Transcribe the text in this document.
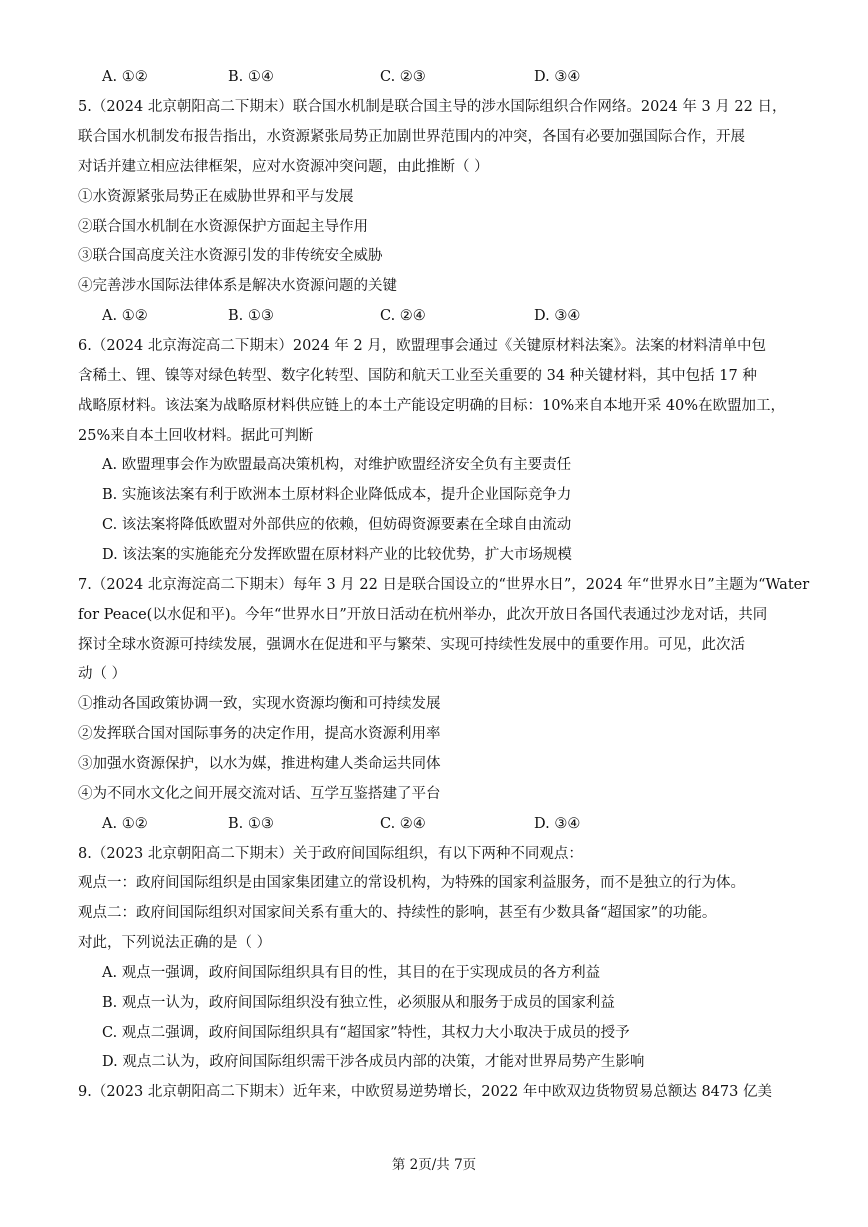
A. ①②	B. ①④	C. ②③	D. ③④
5.（2024 北京朝阳高二下期末）联合国水机制是联合国主导的涉水国际组织合作网络。2024 年 3 月 22 日，
联合国水机制发布报告指出，水资源紧张局势正加剧世界范围内的冲突，各国有必要加强国际合作，开展
对话并建立相应法律框架，应对水资源冲突问题，由此推断（ ）
①水资源紧张局势正在威胁世界和平与发展
②联合国水机制在水资源保护方面起主导作用
③联合国高度关注水资源引发的非传统安全威胁
④完善涉水国际法律体系是解决水资源问题的关键
A. ①②	B. ①③	C. ②④	D. ③④
6.（2024 北京海淀高二下期末）2024 年 2 月，欧盟理事会通过《关键原材料法案》。法案的材料清单中包
含稀土、锂、镍等对绿色转型、数字化转型、国防和航天工业至关重要的 34 种关键材料，其中包括 17 种
战略原材料。该法案为战略原材料供应链上的本土产能设定明确的目标：10%来自本地开采 40%在欧盟加工，
25%来自本土回收材料。据此可判断
A. 欧盟理事会作为欧盟最高决策机构，对维护欧盟经济安全负有主要责任
B. 实施该法案有利于欧洲本土原材料企业降低成本，提升企业国际竞争力
C. 该法案将降低欧盟对外部供应的依赖，但妨碍资源要素在全球自由流动
D. 该法案的实施能充分发挥欧盟在原材料产业的比较优势，扩大市场规模
7.（2024 北京海淀高二下期末）每年 3 月 22 日是联合国设立的“世界水日”，2024 年“世界水日”主题为“Water
for Peace(以水促和平)。今年“世界水日”开放日活动在杭州举办，此次开放日各国代表通过沙龙对话，共同
探讨全球水资源可持续发展，强调水在促进和平与繁荣、实现可持续性发展中的重要作用。可见，此次活
动（ ）
①推动各国政策协调一致，实现水资源均衡和可持续发展
②发挥联合国对国际事务的决定作用，提高水资源利用率
③加强水资源保护，以水为媒，推进构建人类命运共同体
④为不同水文化之间开展交流对话、互学互鉴搭建了平台
A. ①②	B. ①③	C. ②④	D. ③④
8.（2023 北京朝阳高二下期末）关于政府间国际组织，有以下两种不同观点：
观点一：政府间国际组织是由国家集团建立的常设机构，为特殊的国家利益服务，而不是独立的行为体。
观点二：政府间国际组织对国家间关系有重大的、持续性的影响，甚至有少数具备“超国家”的功能。
对此，下列说法正确的是（ ）
A. 观点一强调，政府间国际组织具有目的性，其目的在于实现成员的各方利益
B. 观点一认为，政府间国际组织没有独立性，必须服从和服务于成员的国家利益
C. 观点二强调，政府间国际组织具有“超国家”特性，其权力大小取决于成员的授予
D. 观点二认为，政府间国际组织需干涉各成员内部的决策，才能对世界局势产生影响
9.（2023 北京朝阳高二下期末）近年来，中欧贸易逆势增长，2022 年中欧双边货物贸易总额达 8473 亿美
第 2页/共 7页
